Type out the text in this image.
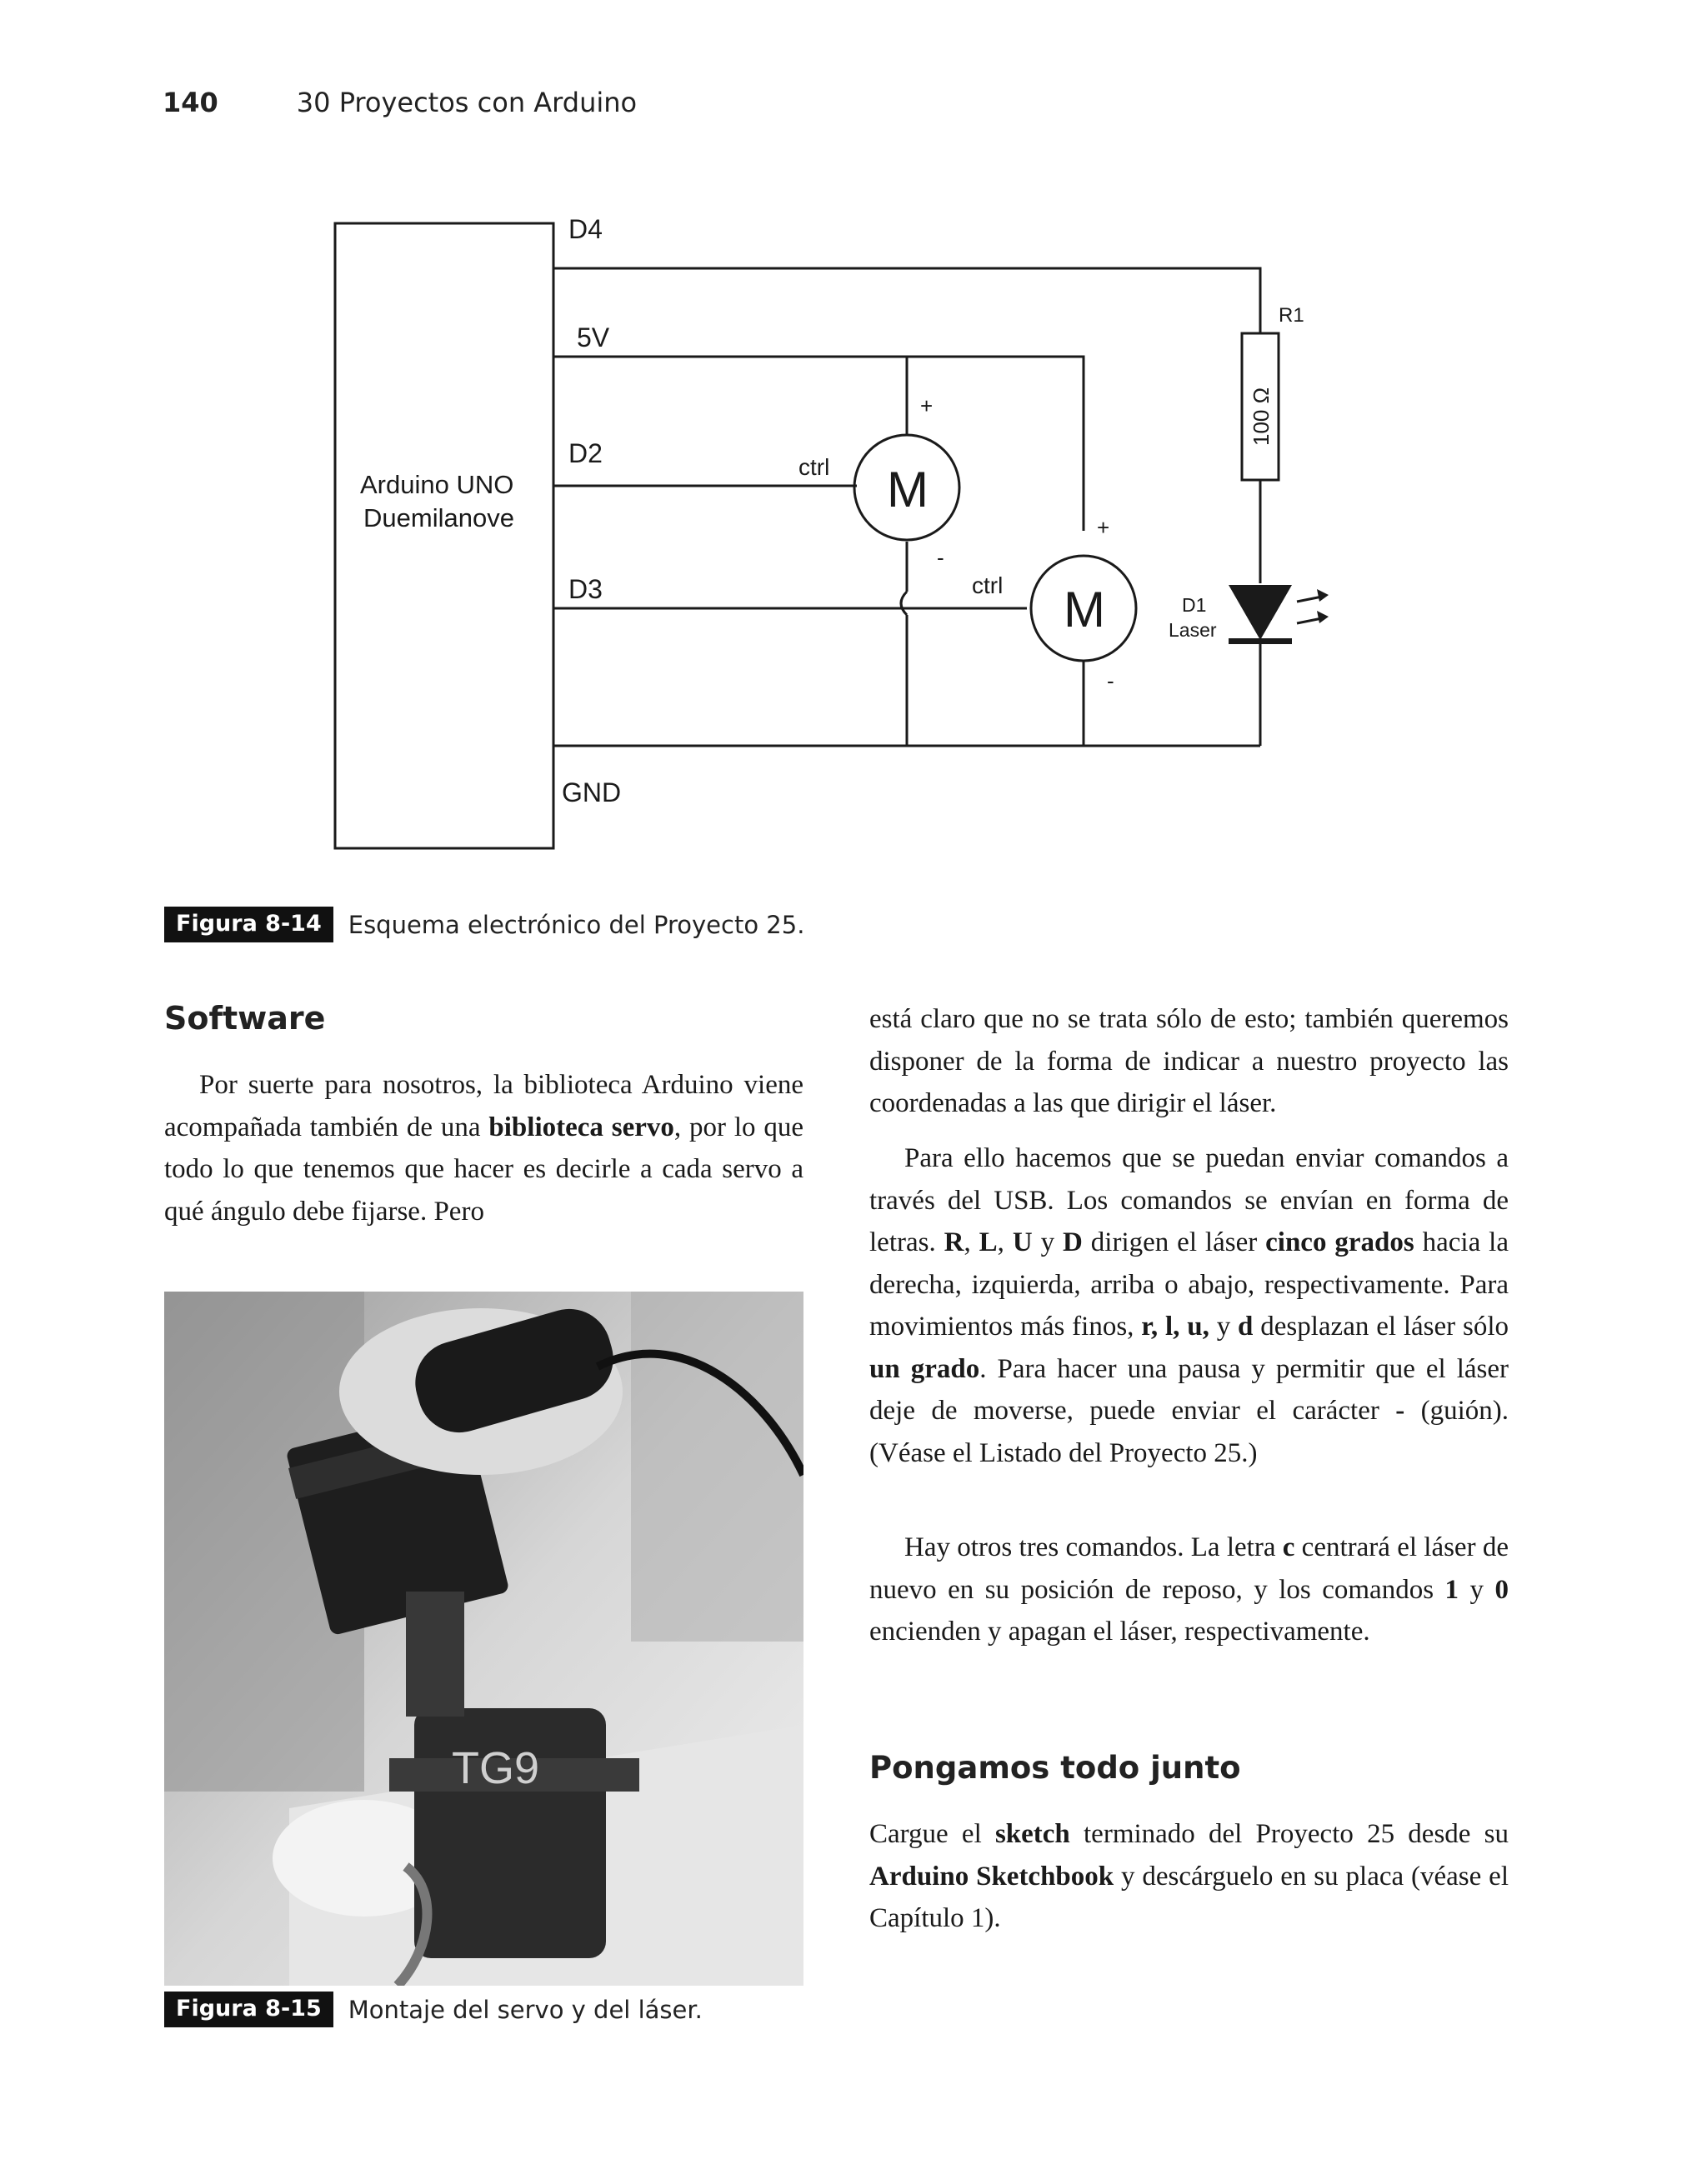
140	30 Proyectos con Arduino
Arduino UNO
Duemilanove
D4
5V
D2
D3
GND
R1
100 Ω
M
M
ctrl
ctrl
+
-
+
-
D1
Laser
Figura 8-14	Esquema electrónico del Proyecto 25.
Software
Por suerte para nosotros, la biblioteca Arduino viene acompañada también de una biblioteca servo, por lo que todo lo que tenemos que hacer es decirle a cada servo a qué ángulo debe fijarse. Pero
TG9
Figura 8-15	Montaje del servo y del láser.
está claro que no se trata sólo de esto; también queremos disponer de la forma de indicar a nuestro proyecto las coordenadas a las que dirigir el láser.
Para ello hacemos que se puedan enviar comandos a través del USB. Los comandos se envían en forma de letras. R, L, U y D dirigen el láser cinco grados hacia la derecha, izquierda, arriba o abajo, respectivamente. Para movimientos más finos, r, l, u, y d desplazan el láser sólo un grado. Para hacer una pausa y permitir que el láser deje de moverse, puede enviar el carácter - (guión). (Véase el Listado del Proyecto 25.)
Hay otros tres comandos. La letra c centrará el láser de nuevo en su posición de reposo, y los comandos 1 y 0 encienden y apagan el láser, respectivamente.
Pongamos todo junto
Cargue el sketch terminado del Proyecto 25 desde su Arduino Sketchbook y descárguelo en su placa (véase el Capítulo 1).
